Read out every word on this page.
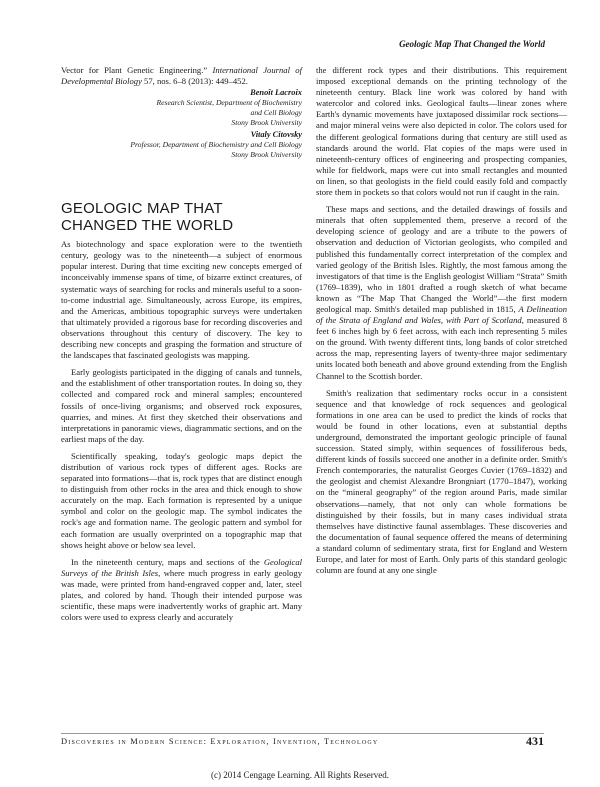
Geologic Map That Changed the World

Vector for Plant Genetic Engineering.” International Journal of Developmental Biology 57, nos. 6–8 (2013): 449–452.

Benoît Lacroix
Research Scientist, Department of Biochemistry
and Cell Biology
Stony Brook University
Vitaly Citovsky
Professor, Department of Biochemistry and Cell Biology
Stony Brook University
GEOLOGIC MAP THAT
CHANGED THE WORLD

As biotechnology and space exploration were to the twentieth century, geology was to the nineteenth—a subject of enormous popular interest. During that time exciting new concepts emerged of inconceivably immense spans of time, of bizarre extinct creatures, of systematic ways of searching for rocks and minerals useful to a soon-to-come industrial age. Simultaneously, across Europe, its empires, and the Americas, ambitious topographic surveys were undertaken that ultimately provided a rigorous base for recording discoveries and observations throughout this century of discovery. The key to describing new concepts and grasping the formation and structure of the landscapes that fascinated geologists was mapping.

Early geologists participated in the digging of canals and tunnels, and the establishment of other transportation routes. In doing so, they collected and compared rock and mineral samples; encountered fossils of once-living organisms; and observed rock exposures, quarries, and mines. At first they sketched their observations and interpretations in panoramic views, diagrammatic sections, and on the earliest maps of the day.

Scientifically speaking, today's geologic maps depict the distribution of various rock types of different ages. Rocks are separated into formations—that is, rock types that are distinct enough to distinguish from other rocks in the area and thick enough to show accurately on the map. Each formation is represented by a unique symbol and color on the geologic map. The symbol indicates the rock's age and formation name. The geologic pattern and symbol for each formation are usually overprinted on a topographic map that shows height above or below sea level.

In the nineteenth century, maps and sections of the Geological Surveys of the British Isles, where much progress in early geology was made, were printed from hand-engraved copper and, later, steel plates, and colored by hand. Though their intended purpose was scientific, these maps were inadvertently works of graphic art. Many colors were used to express clearly and accurately

the different rock types and their distributions. This requirement imposed exceptional demands on the printing technology of the nineteenth century. Black line work was colored by hand with watercolor and colored inks. Geological faults—linear zones where Earth's dynamic movements have juxtaposed dissimilar rock sections—and major mineral veins were also depicted in color. The colors used for the different geological formations during that century are still used as standards around the world. Flat copies of the maps were used in nineteenth-century offices of engineering and prospecting companies, while for fieldwork, maps were cut into small rectangles and mounted on linen, so that geologists in the field could easily fold and compactly store them in pockets so that colors would not run if caught in the rain.

These maps and sections, and the detailed drawings of fossils and minerals that often supplemented them, preserve a record of the developing science of geology and are a tribute to the powers of observation and deduction of Victorian geologists, who compiled and published this fundamentally correct interpretation of the complex and varied geology of the British Isles. Rightly, the most famous among the investigators of that time is the English geologist William “Strata” Smith (1769–1839), who in 1801 drafted a rough sketch of what became known as “The Map That Changed the World”—the first modern geological map. Smith's detailed map published in 1815, A Delineation of the Strata of England and Wales, with Part of Scotland, measured 8 feet 6 inches high by 6 feet across, with each inch representing 5 miles on the ground. With twenty different tints, long bands of color stretched across the map, representing layers of twenty-three major sedimentary units located both beneath and above ground extending from the English Channel to the Scottish border.

Smith's realization that sedimentary rocks occur in a consistent sequence and that knowledge of rock sequences and geological formations in one area can be used to predict the kinds of rocks that would be found in other locations, even at substantial depths underground, demonstrated the important geologic principle of faunal succession. Stated simply, within sequences of fossiliferous beds, different kinds of fossils succeed one another in a definite order. Smith's French contemporaries, the naturalist Georges Cuvier (1769–1832) and the geologist and chemist Alexandre Brongniart (1770–1847), working on the “mineral geography” of the region around Paris, made similar observations—namely, that not only can whole formations be distinguished by their fossils, but in many cases individual strata themselves have distinctive faunal assemblages. These discoveries and the documentation of faunal sequence offered the means of determining a standard column of sedimentary strata, first for England and Western Europe, and later for most of Earth. Only parts of this standard geologic column are found at any one single

Discoveries in Modern Science: Exploration, Invention, Technology	431
(c) 2014 Cengage Learning. All Rights Reserved.
